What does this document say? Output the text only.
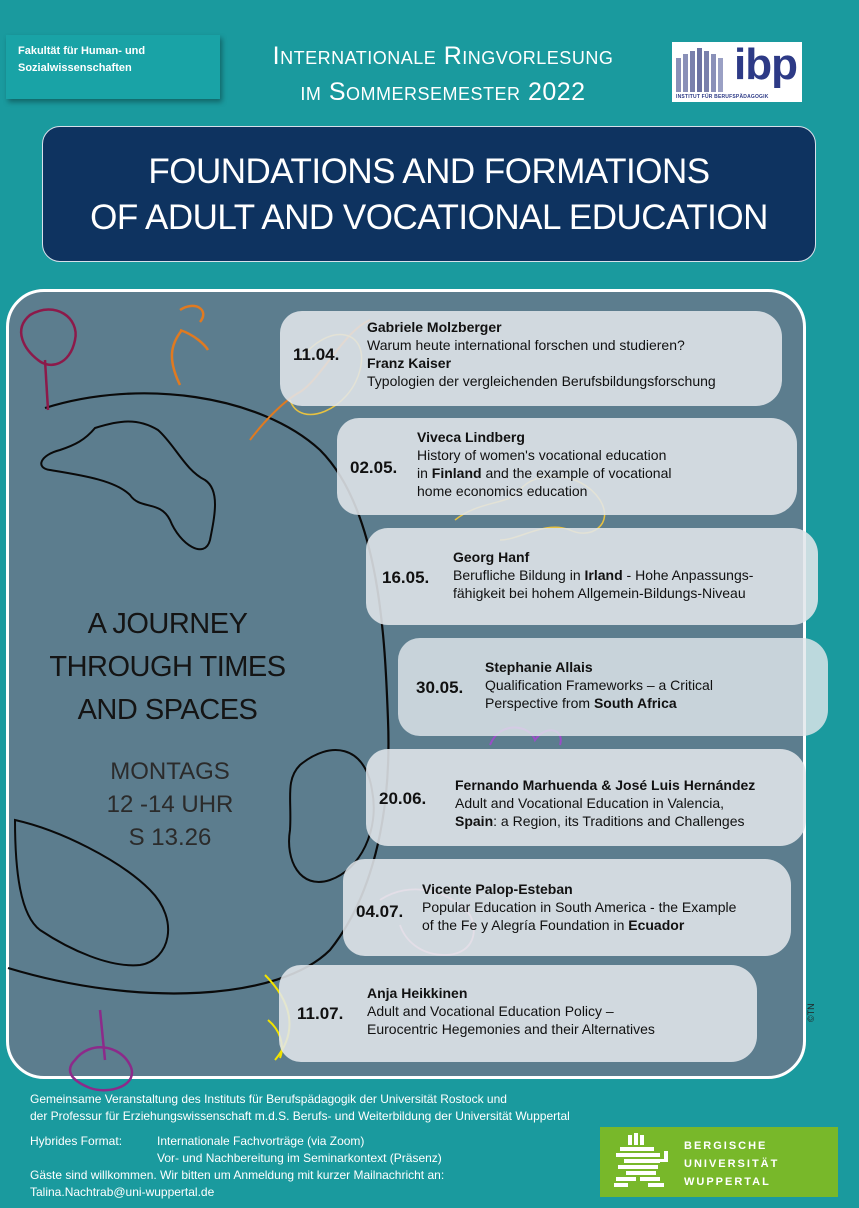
Fakultät für Human- und
Sozialwissenschaften	Internationale Ringvorlesung
im Sommersemester 2022
ibp
INSTITUT FÜR BERUFSPÄDAGOGIK
FOUNDATIONS AND FORMATIONS
OF ADULT AND VOCATIONAL EDUCATION
A JOURNEY
THROUGH TIMES
AND SPACES
MONTAGS
12 -14 UHR
S 13.26
11.04.
Gabriele Molzberger
Warum heute international forschen und studieren?
Franz Kaiser
Typologien der vergleichenden Berufsbildungsforschung
02.05.
Viveca Lindberg
History of women's vocational education
in Finland and the example of vocational
home economics education
16.05.
Georg Hanf
Berufliche Bildung in Irland - Hohe Anpassungs-
fähigkeit bei hohem Allgemein-Bildungs-Niveau
30.05.
Stephanie Allais
Qualification Frameworks – a Critical
Perspective from South Africa
20.06.
Fernando Marhuenda & José Luis Hernández
Adult and Vocational Education in Valencia,
Spain: a Region, its Traditions and Challenges
04.07.
Vicente Palop-Esteban
Popular Education in South America - the Example
of the Fe y Alegría Foundation in Ecuador
11.07.
Anja Heikkinen
Adult and Vocational Education Policy –
Eurocentric Hegemonies and their Alternatives
©TN
Gemeinsame Veranstaltung des Instituts für Berufspädagogik der Universität Rostock und
der Professur für Erziehungswissenschaft m.d.S. Berufs- und Weiterbildung der Universität Wuppertal
Hybrides Format:	Internationale Fachvorträge (via Zoom)
Vor- und Nachbereitung im Seminarkontext (Präsenz)
Gäste sind willkommen. Wir bitten um Anmeldung mit kurzer Mailnachricht an:
Talina.Nachtrab@uni-wuppertal.de
BERGISCHE
UNIVERSITÄT
WUPPERTAL
